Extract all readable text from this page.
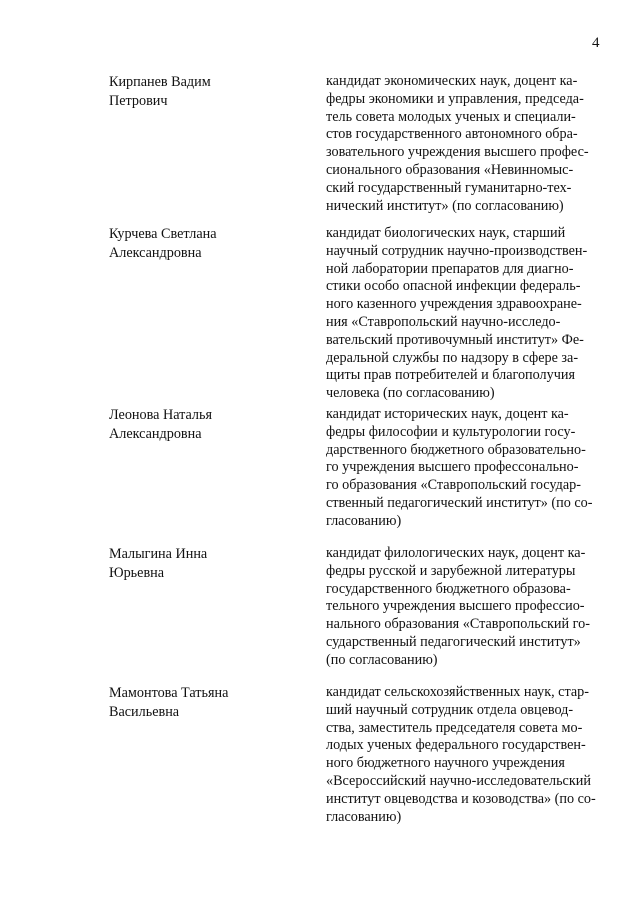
4
Кирпанев Вадим
Петрович
кандидат экономических наук, доцент ка-
федры экономики и управления, председа-
тель совета молодых ученых и специали-
стов государственного автономного обра-
зовательного учреждения высшего профес-
сионального образования «Невинномыс-
ский государственный гуманитарно-тех-
нический институт» (по согласованию)
Курчева Светлана
Александровна
кандидат биологических наук, старший
научный сотрудник научно-производствен-
ной лаборатории препаратов для диагно-
стики особо опасной инфекции федераль-
ного казенного учреждения здравоохране-
ния «Ставропольский научно-исследо-
вательский противочумный институт» Фе-
деральной службы по надзору в сфере за-
щиты прав потребителей и благополучия
человека (по согласованию)
Леонова Наталья
Александровна
кандидат исторических наук, доцент ка-
федры философии и культурологии госу-
дарственного бюджетного образовательно-
го учреждения высшего профессонально-
го образования «Ставропольский государ-
ственный педагогический институт» (по со-
гласованию)
Малыгина Инна
Юрьевна
кандидат филологических наук, доцент ка-
федры русской и зарубежной литературы
государственного бюджетного образова-
тельного учреждения высшего профессио-
нального образования «Ставропольский го-
сударственный педагогический институт»
(по согласованию)
Мамонтова Татьяна
Васильевна
кандидат сельскохозяйственных наук, стар-
ший научный сотрудник отдела овцевод-
ства, заместитель председателя совета мо-
лодых ученых федерального государствен-
ного бюджетного научного учреждения
«Всероссийский научно-исследовательский
институт овцеводства и козоводства» (по со-
гласованию)
